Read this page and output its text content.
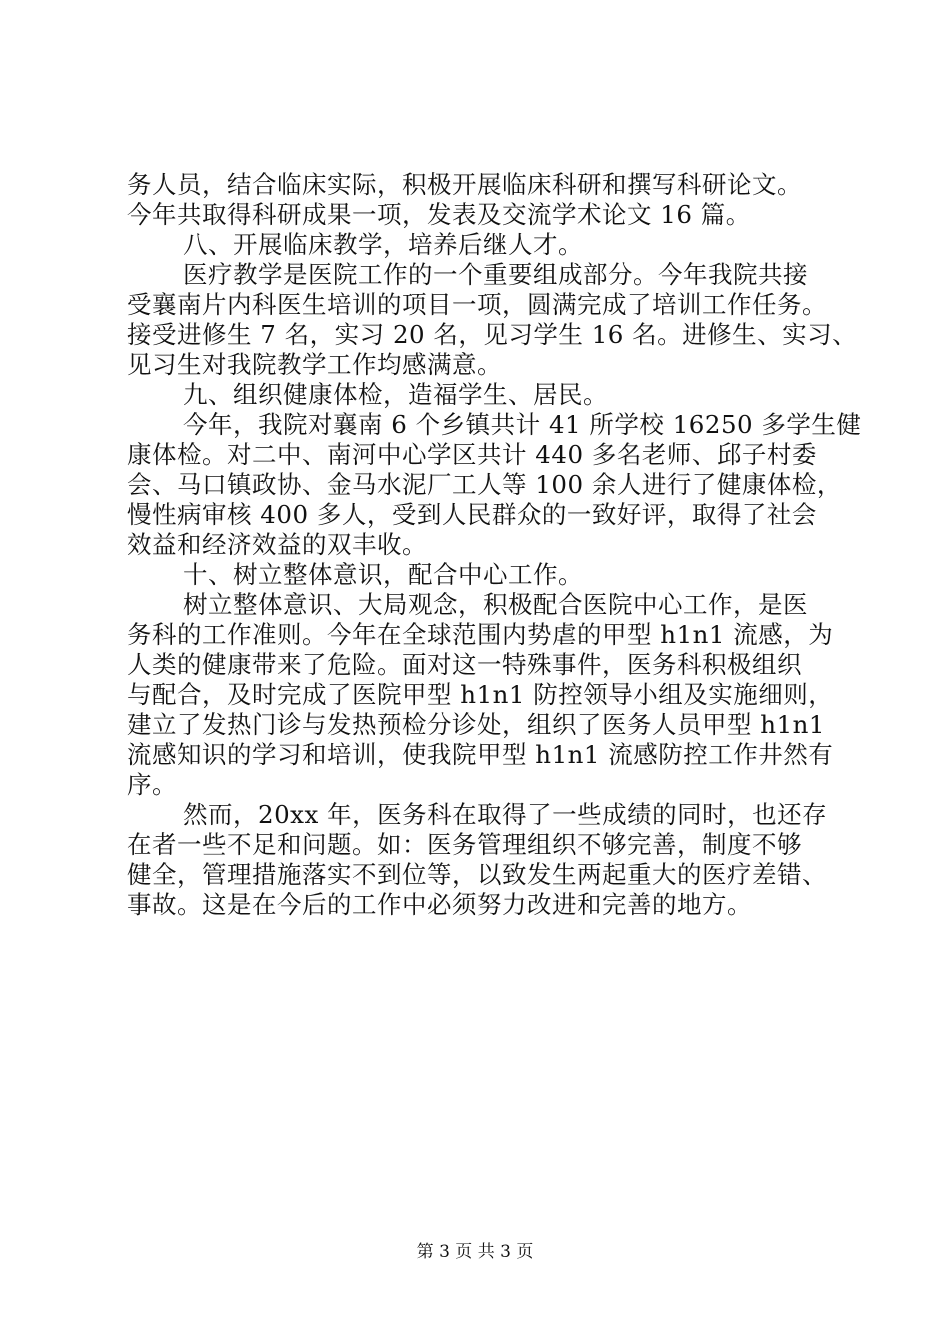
务人员，结合临床实际，积极开展临床科研和撰写科研论文。
今年共取得科研成果一项，发表及交流学术论文 16 篇。
八、开展临床教学，培养后继人才。
医疗教学是医院工作的一个重要组成部分。今年我院共接
受襄南片内科医生培训的项目一项，圆满完成了培训工作任务。
接受进修生 7 名，实习 20 名，见习学生 16 名。进修生、实习、
见习生对我院教学工作均感满意。
九、组织健康体检，造福学生、居民。
今年，我院对襄南 6 个乡镇共计 41 所学校 16250 多学生健
康体检。对二中、南河中心学区共计 440 多名老师、邱子村委
会、马口镇政协、金马水泥厂工人等 100 余人进行了健康体检，
慢性病审核 400 多人，受到人民群众的一致好评，取得了社会
效益和经济效益的双丰收。
十、树立整体意识，配合中心工作。
树立整体意识、大局观念，积极配合医院中心工作，是医
务科的工作准则。今年在全球范围内势虐的甲型 h1n1 流感，为
人类的健康带来了危险。面对这一特殊事件，医务科积极组织
与配合，及时完成了医院甲型 h1n1 防控领导小组及实施细则，
建立了发热门诊与发热预检分诊处，组织了医务人员甲型 h1n1
流感知识的学习和培训，使我院甲型 h1n1 流感防控工作井然有
序。
然而，20xx 年，医务科在取得了一些成绩的同时，也还存
在者一些不足和问题。如：医务管理组织不够完善，制度不够
健全，管理措施落实不到位等，以致发生两起重大的医疗差错、
事故。这是在今后的工作中必须努力改进和完善的地方。
第 3 页 共 3 页
